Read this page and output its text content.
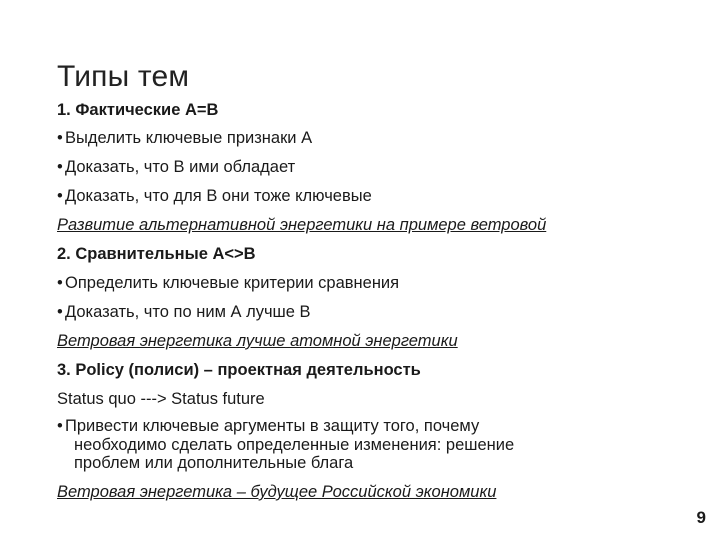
Типы тем
1. Фактические А=В
• Выделить ключевые признаки А
• Доказать, что В ими обладает
• Доказать, что для В они тоже ключевые
Развитие альтернативной энергетики на примере ветровой
2. Сравнительные А<>В
• Определить ключевые критерии сравнения
• Доказать, что по ним А лучше В
Ветровая энергетика лучше атомной энергетики
3. Policy (полиси) – проектная деятельность
Status quo ---> Status future
• Привести ключевые аргументы в защиту того, почему
необходимо сделать определенные изменения: решение
проблем или дополнительные блага
Ветровая энергетика – будущее Российской экономики
9
